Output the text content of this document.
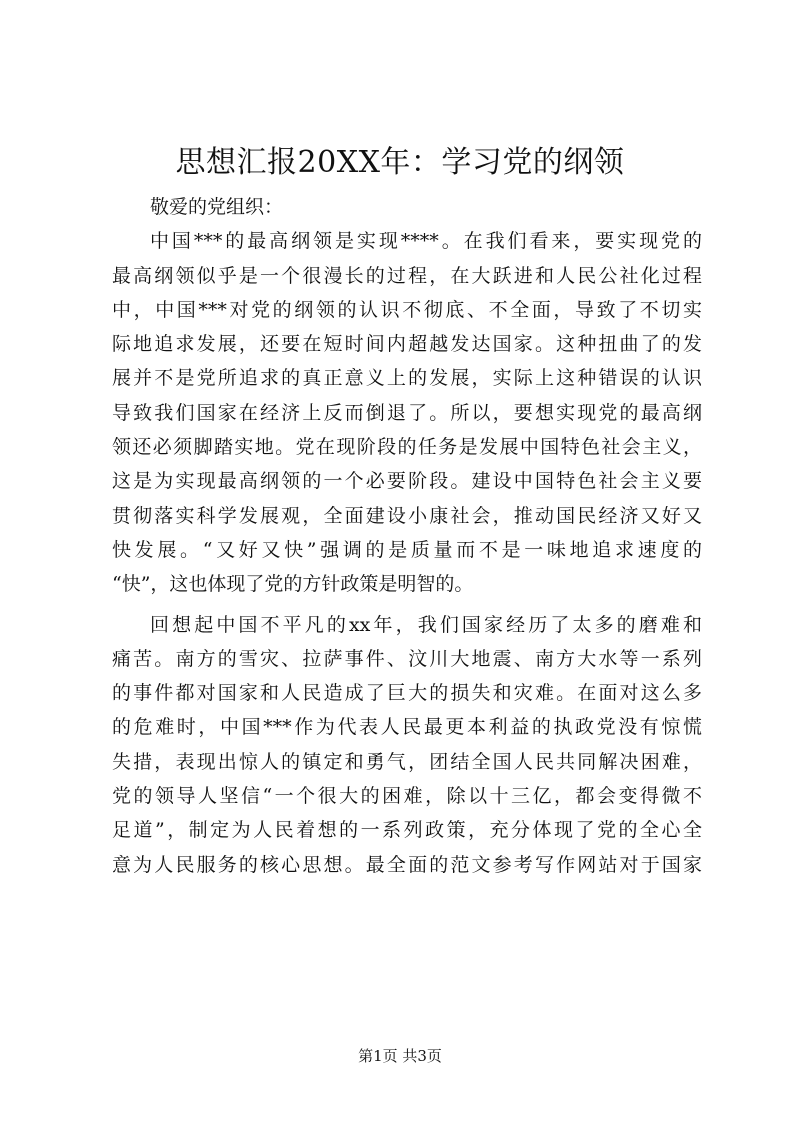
思想汇报20XX年：学习党的纲领
敬爱的党组织：
中国***的最高纲领是实现****。在我们看来，要实现党的
最高纲领似乎是一个很漫长的过程，在大跃进和人民公社化过程
中，中国***对党的纲领的认识不彻底、不全面，导致了不切实
际地追求发展，还要在短时间内超越发达国家。这种扭曲了的发
展并不是党所追求的真正意义上的发展，实际上这种错误的认识
导致我们国家在经济上反而倒退了。所以，要想实现党的最高纲
领还必须脚踏实地。党在现阶段的任务是发展中国特色社会主义，
这是为实现最高纲领的一个必要阶段。建设中国特色社会主义要
贯彻落实科学发展观，全面建设小康社会，推动国民经济又好又
快发展。“又好又快”强调的是质量而不是一味地追求速度的
“快”，这也体现了党的方针政策是明智的。
回想起中国不平凡的xx年，我们国家经历了太多的磨难和
痛苦。南方的雪灾、拉萨事件、汶川大地震、南方大水等一系列
的事件都对国家和人民造成了巨大的损失和灾难。在面对这么多
的危难时，中国***作为代表人民最更本利益的执政党没有惊慌
失措，表现出惊人的镇定和勇气，团结全国人民共同解决困难，
党的领导人坚信“一个很大的困难，除以十三亿，都会变得微不
足道”，制定为人民着想的一系列政策，充分体现了党的全心全
意为人民服务的核心思想。最全面的范文参考写作网站对于国家
第1页 共3页
